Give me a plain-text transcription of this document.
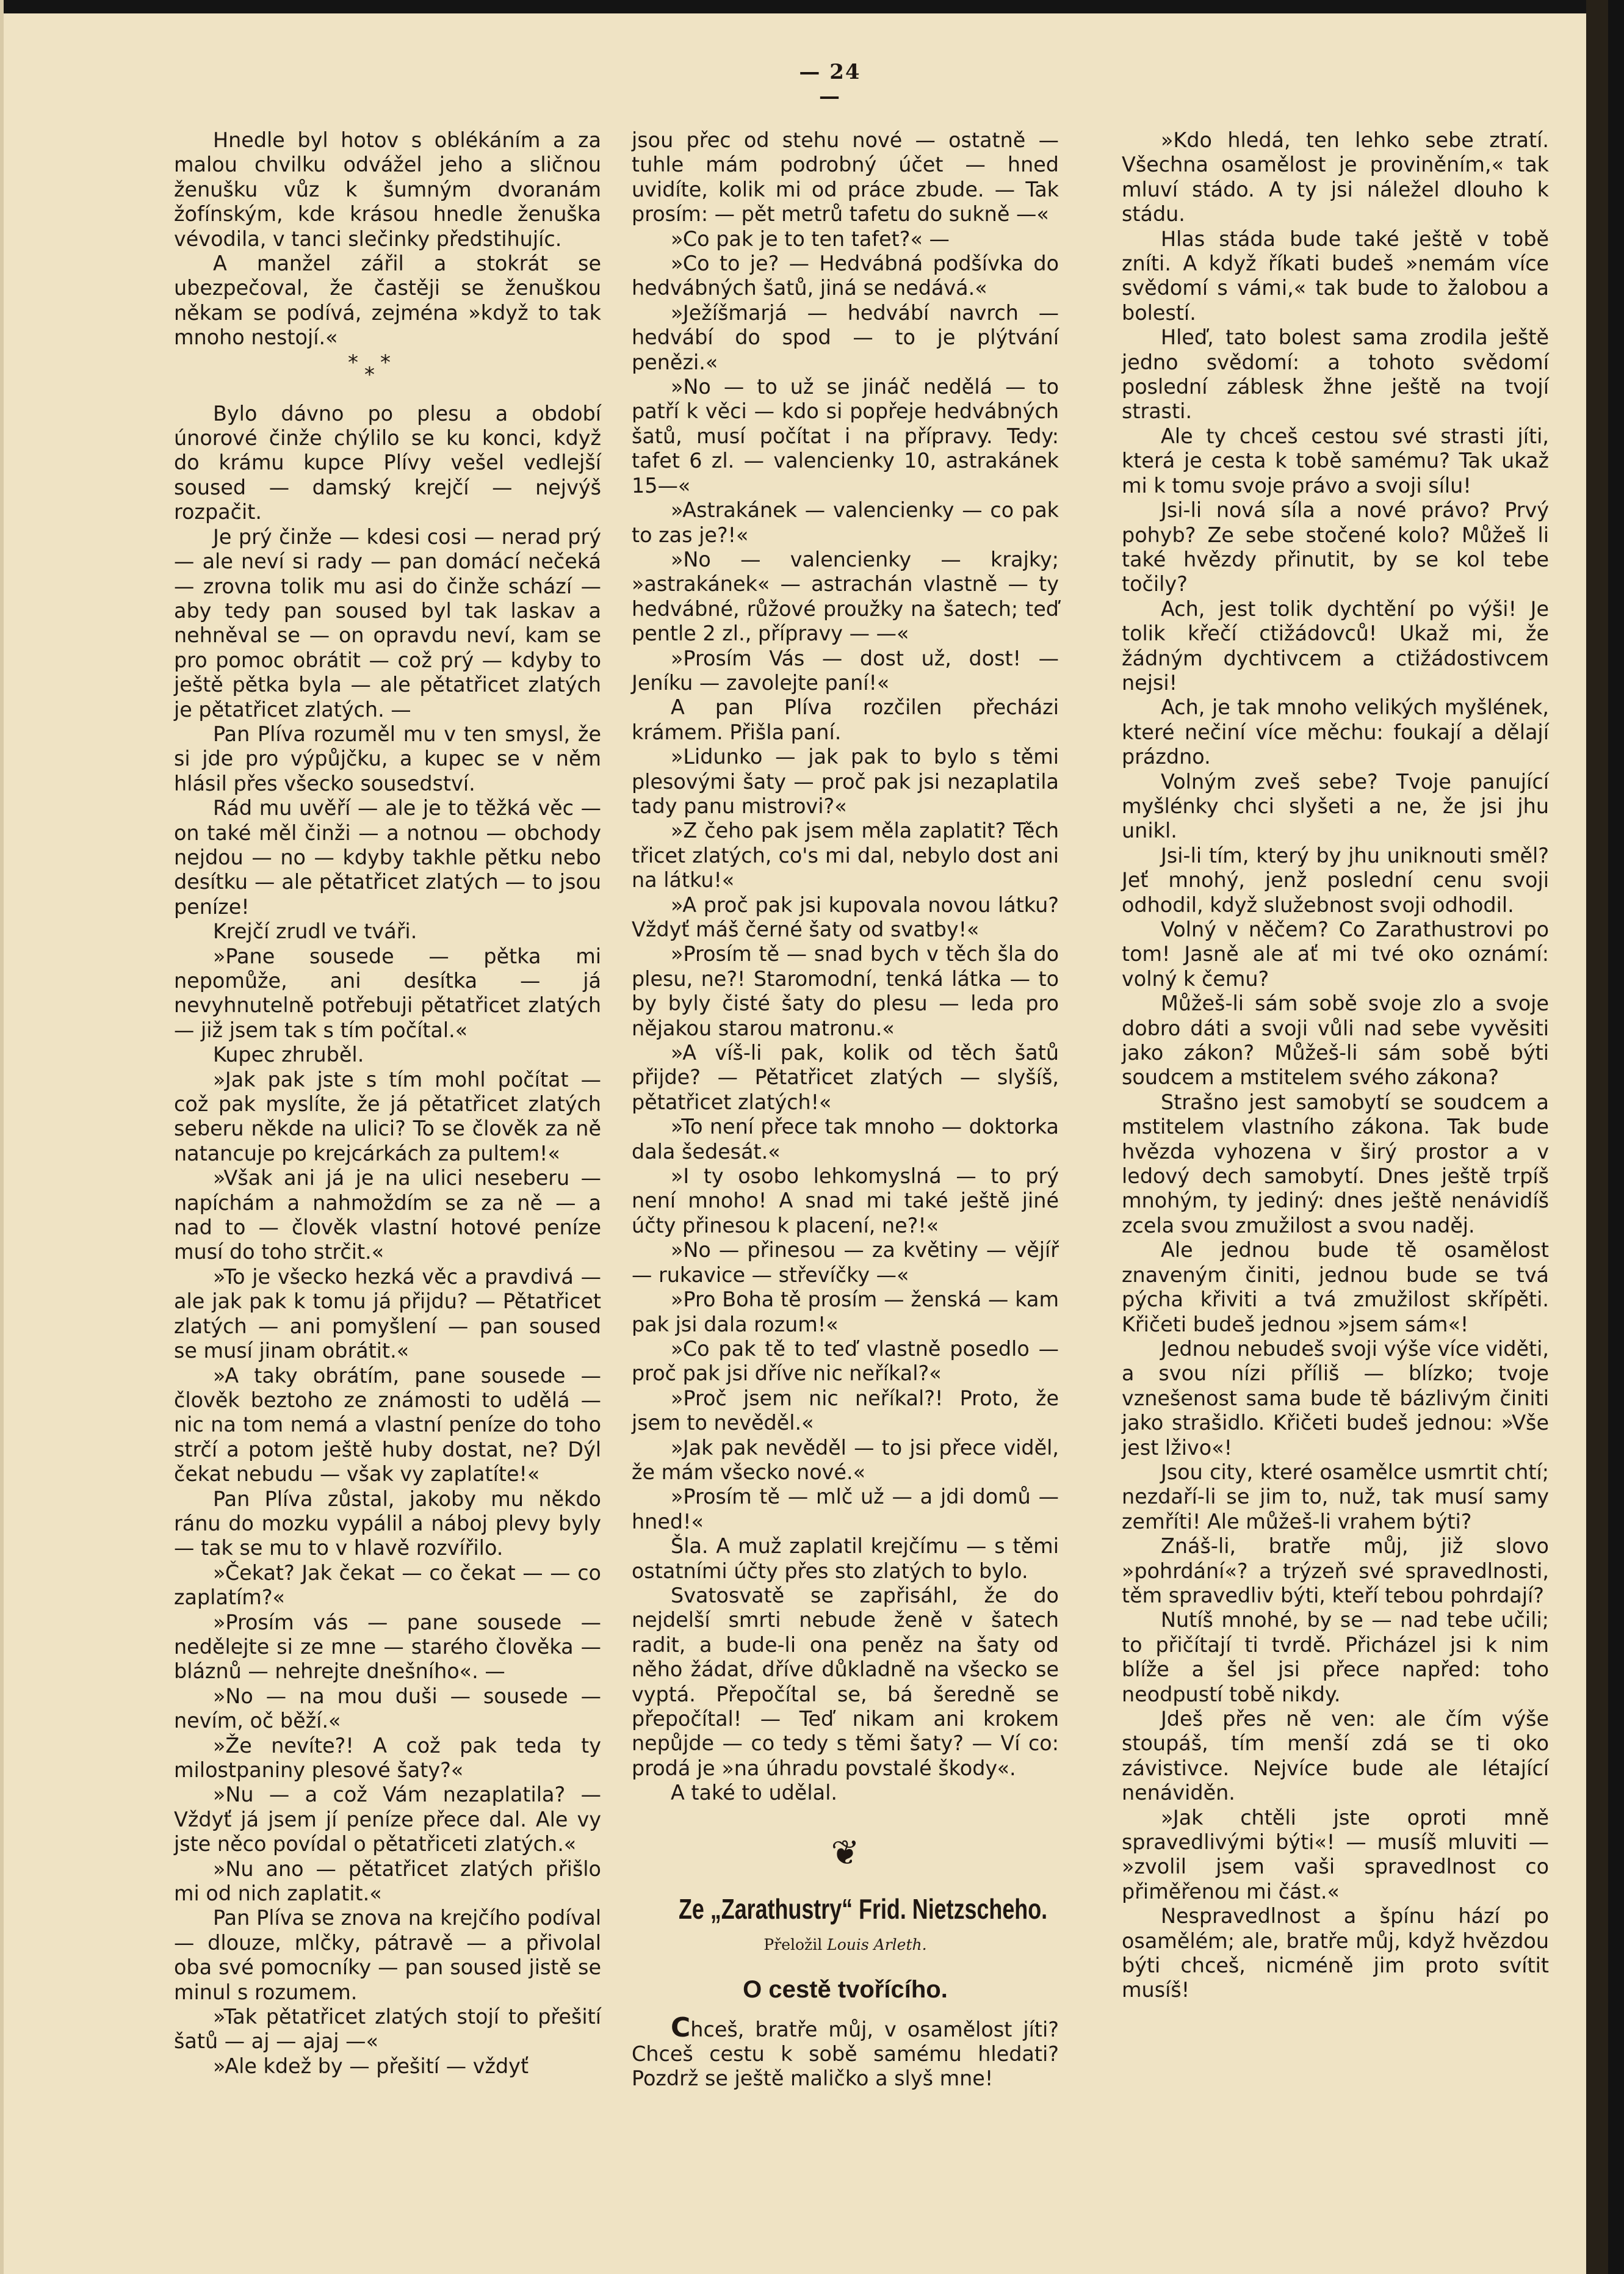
— 24 —

Hnedle byl hotov s oblékáním a za malou chvilku odvážel jeho a sličnou ženušku vůz k šumným dvoranám žofínským, kde krásou hnedle ženuška vévodila, v tanci slečinky předstihujíc.

A manžel zářil a stokrát se ubezpečoval, že častěji se ženuškou někam se podívá, zejména »když to tak mnoho nestojí.«

* *
*

Bylo dávno po plesu a období únorové činže chýlilo se ku konci, když do krámu kupce Plívy vešel vedlejší soused — damský krejčí — nejvýš rozpačit.

Je prý činže — kdesi cosi — nerad prý — ale neví si rady — pan domácí nečeká — zrovna tolik mu asi do činže schází — aby tedy pan soused byl tak laskav a nehněval se — on opravdu neví, kam se pro pomoc obrátit — což prý — kdyby to ještě pětka byla — ale pětatřicet zlatých je pětatřicet zlatých. —

Pan Plíva rozuměl mu v ten smysl, že si jde pro výpůjčku, a kupec se v něm hlásil přes všecko sousedství.

Rád mu uvěří — ale je to těžká věc — on také měl činži — a notnou — obchody nejdou — no — kdyby takhle pětku nebo desítku — ale pětatřicet zlatých — to jsou peníze!

Krejčí zrudl ve tváři.

»Pane sousede — pětka mi nepomůže, ani desítka — já nevyhnutelně potřebuji pětatřicet zlatých — již jsem tak s tím počítal.«

Kupec zhruběl.

»Jak pak jste s tím mohl počítat — což pak myslíte, že já pětatřicet zlatých seberu někde na ulici? To se člověk za ně natancuje po krejcárkách za pultem!«

»Však ani já je na ulici neseberu — napíchám a nahmoždím se za ně — a nad to — člověk vlastní hotové peníze musí do toho strčit.«

»To je všecko hezká věc a pravdivá — ale jak pak k tomu já přijdu? — Pětatřicet zlatých — ani pomyšlení — pan soused se musí jinam obrátit.«

»A taky obrátím, pane sousede — člověk beztoho ze známosti to udělá — nic na tom nemá a vlastní peníze do toho strčí a potom ještě huby dostat, ne? Dýl čekat nebudu — však vy zaplatíte!«

Pan Plíva zůstal, jakoby mu někdo ránu do mozku vypálil a náboj plevy byly — tak se mu to v hlavě rozvířilo.

»Čekat? Jak čekat — co čekat — — co zaplatím?«

»Prosím vás — pane sousede — nedělejte si ze mne — starého člověka — bláznů — nehrejte dnešního«. —

»No — na mou duši — sousede — nevím, oč běží.«

»Že nevíte?! A což pak teda ty milostpaniny plesové šaty?«

»Nu — a což Vám nezaplatila? — Vždyť já jsem jí peníze přece dal. Ale vy jste něco povídal o pětatřiceti zlatých.«

»Nu ano — pětatřicet zlatých přišlo mi od nich zaplatit.«

Pan Plíva se znova na krejčího podíval — dlouze, mlčky, pátravě — a přivolal oba své pomocníky — pan soused jistě se minul s rozumem.

»Tak pětatřicet zlatých stojí to přešití šatů — aj — ajaj —«

»Ale kdež by — přešití — vždyť

jsou přec od stehu nové — ostatně — tuhle mám podrobný účet — hned uvidíte, kolik mi od práce zbude. — Tak prosím: — pět metrů tafetu do sukně —«

»Co pak je to ten tafet?« —

»Co to je? — Hedvábná podšívka do hedvábných šatů, jiná se nedává.«

»Ježíšmarjá — hedvábí navrch — hedvábí do spod — to je plýtvání penězi.«

»No — to už se jináč nedělá — to patří k věci — kdo si popřeje hedvábných šatů, musí počítat i na přípravy. Tedy: tafet 6 zl. — valencienky 10, astrakánek 15—«

»Astrakánek — valencienky — co pak to zas je?!«

»No — valencienky — krajky; »astrakánek« — astrachán vlastně — ty hedvábné, růžové proužky na šatech; teď pentle 2 zl., přípravy — —«

»Prosím Vás — dost už, dost! — Jeníku — zavolejte paní!«

A pan Plíva rozčilen přecházi krámem. Přišla paní.

»Lidunko — jak pak to bylo s těmi plesovými šaty — proč pak jsi nezaplatila tady panu mistrovi?«

»Z čeho pak jsem měla zaplatit? Těch třicet zlatých, co's mi dal, nebylo dost ani na látku!«

»A proč pak jsi kupovala novou látku? Vždyť máš černé šaty od svatby!«

»Prosím tě — snad bych v těch šla do plesu, ne?! Staromodní, tenká látka — to by byly čisté šaty do plesu — leda pro nějakou starou matronu.«

»A víš-li pak, kolik od těch šatů přijde? — Pětatřicet zlatých — slyšíš, pětatřicet zlatých!«

»To není přece tak mnoho — doktorka dala šedesát.«

»I ty osobo lehkomyslná — to prý není mnoho! A snad mi také ještě jiné účty přinesou k placení, ne?!«

»No — přinesou — za květiny — vějíř — rukavice — střevíčky —«

»Pro Boha tě prosím — ženská — kam pak jsi dala rozum!«

»Co pak tě to teď vlastně posedlo — proč pak jsi dříve nic neříkal?«

»Proč jsem nic neříkal?! Proto, že jsem to nevěděl.«

»Jak pak nevěděl — to jsi přece viděl, že mám všecko nové.«

»Prosím tě — mlč už — a jdi domů — hned!«

Šla. A muž zaplatil krejčímu — s těmi ostatními účty přes sto zlatých to bylo.

Svatosvatě se zapřisáhl, že do nejdelší smrti nebude ženě v šatech radit, a bude-li ona peněz na šaty od něho žádat, dříve důkladně na všecko se vyptá. Přepočítal se, bá šeredně se přepočítal! — Teď nikam ani krokem nepůjde — co tedy s těmi šaty? — Ví co: prodá je »na úhradu povstalé škody«.

A také to udělal.

❦
Ze „Zarathustry“ Frid. Nietzscheho.
Přeložil Louis Arleth.
O cestě tvořícího.

Chceš, bratře můj, v osamělost jíti? Chceš cestu k sobě samému hledati? Pozdrž se ještě maličko a slyš mne!

»Kdo hledá, ten lehko sebe ztratí. Všechna osamělost je proviněním,« tak mluví stádo. A ty jsi náležel dlouho k stádu.

Hlas stáda bude také ještě v tobě zníti. A když říkati budeš »nemám více svědomí s vámi,« tak bude to žalobou a bolestí.

Hleď, tato bolest sama zrodila ještě jedno svědomí: a tohoto svědomí poslední záblesk žhne ještě na tvojí strasti.

Ale ty chceš cestou své strasti jíti, která je cesta k tobě samému? Tak ukaž mi k tomu svoje právo a svoji sílu!

Jsi-li nová síla a nové právo? Prvý pohyb? Ze sebe stočené kolo? Můžeš li také hvězdy přinutit, by se kol tebe točily?

Ach, jest tolik dychtění po výši! Je tolik křečí ctižádovců! Ukaž mi, že žádným dychtivcem a ctižádostivcem nejsi!

Ach, je tak mnoho velikých myšlének, které nečiní více měchu: foukají a dělají prázdno.

Volným zveš sebe? Tvoje panující myšlénky chci slyšeti a ne, že jsi jhu unikl.

Jsi-li tím, který by jhu uniknouti směl? Jeť mnohý, jenž poslední cenu svoji odhodil, když služebnost svoji odhodil.

Volný v něčem? Co Zarathustrovi po tom! Jasně ale ať mi tvé oko oznámí: volný k čemu?

Můžeš-li sám sobě svoje zlo a svoje dobro dáti a svoji vůli nad sebe vyvěsiti jako zákon? Můžeš-li sám sobě býti soudcem a mstitelem svého zákona?

Strašno jest samobytí se soudcem a mstitelem vlastního zákona. Tak bude hvězda vyhozena v širý prostor a v ledový dech samobytí. Dnes ještě trpíš mnohým, ty jediný: dnes ještě nenávidíš zcela svou zmužilost a svou naděj.

Ale jednou bude tě osamělost znaveným činiti, jednou bude se tvá pýcha křiviti a tvá zmužilost skřípěti. Křičeti budeš jednou »jsem sám«!

Jednou nebudeš svoji výše více viděti, a svou nízi příliš — blízko; tvoje vznešenost sama bude tě bázlivým činiti jako strašidlo. Křičeti budeš jednou: »Vše jest lživo«!

Jsou city, které osamělce usmrtit chtí; nezdaří-li se jim to, nuž, tak musí samy zemříti! Ale můžeš-li vrahem býti?

Znáš-li, bratře můj, již slovo »pohrdání«? a trýzeň své spravedlnosti, těm spravedliv býti, kteří tebou pohrdají?

Nutíš mnohé, by se — nad tebe učili; to přičítají ti tvrdě. Přicházel jsi k nim blíže a šel jsi přece napřed: toho neodpustí tobě nikdy.

Jdeš přes ně ven: ale čím výše stoupáš, tím menší zdá se ti oko závistivce. Nejvíce bude ale létající nenáviděn.

»Jak chtěli jste oproti mně spravedlivými býti«! — musíš mluviti — »zvolil jsem vaši spravedlnost co přiměřenou mi část.«

Nespravedlnost a špínu hází po osamělém; ale, bratře můj, když hvězdou býti chceš, nicméně jim proto svítit musíš!
